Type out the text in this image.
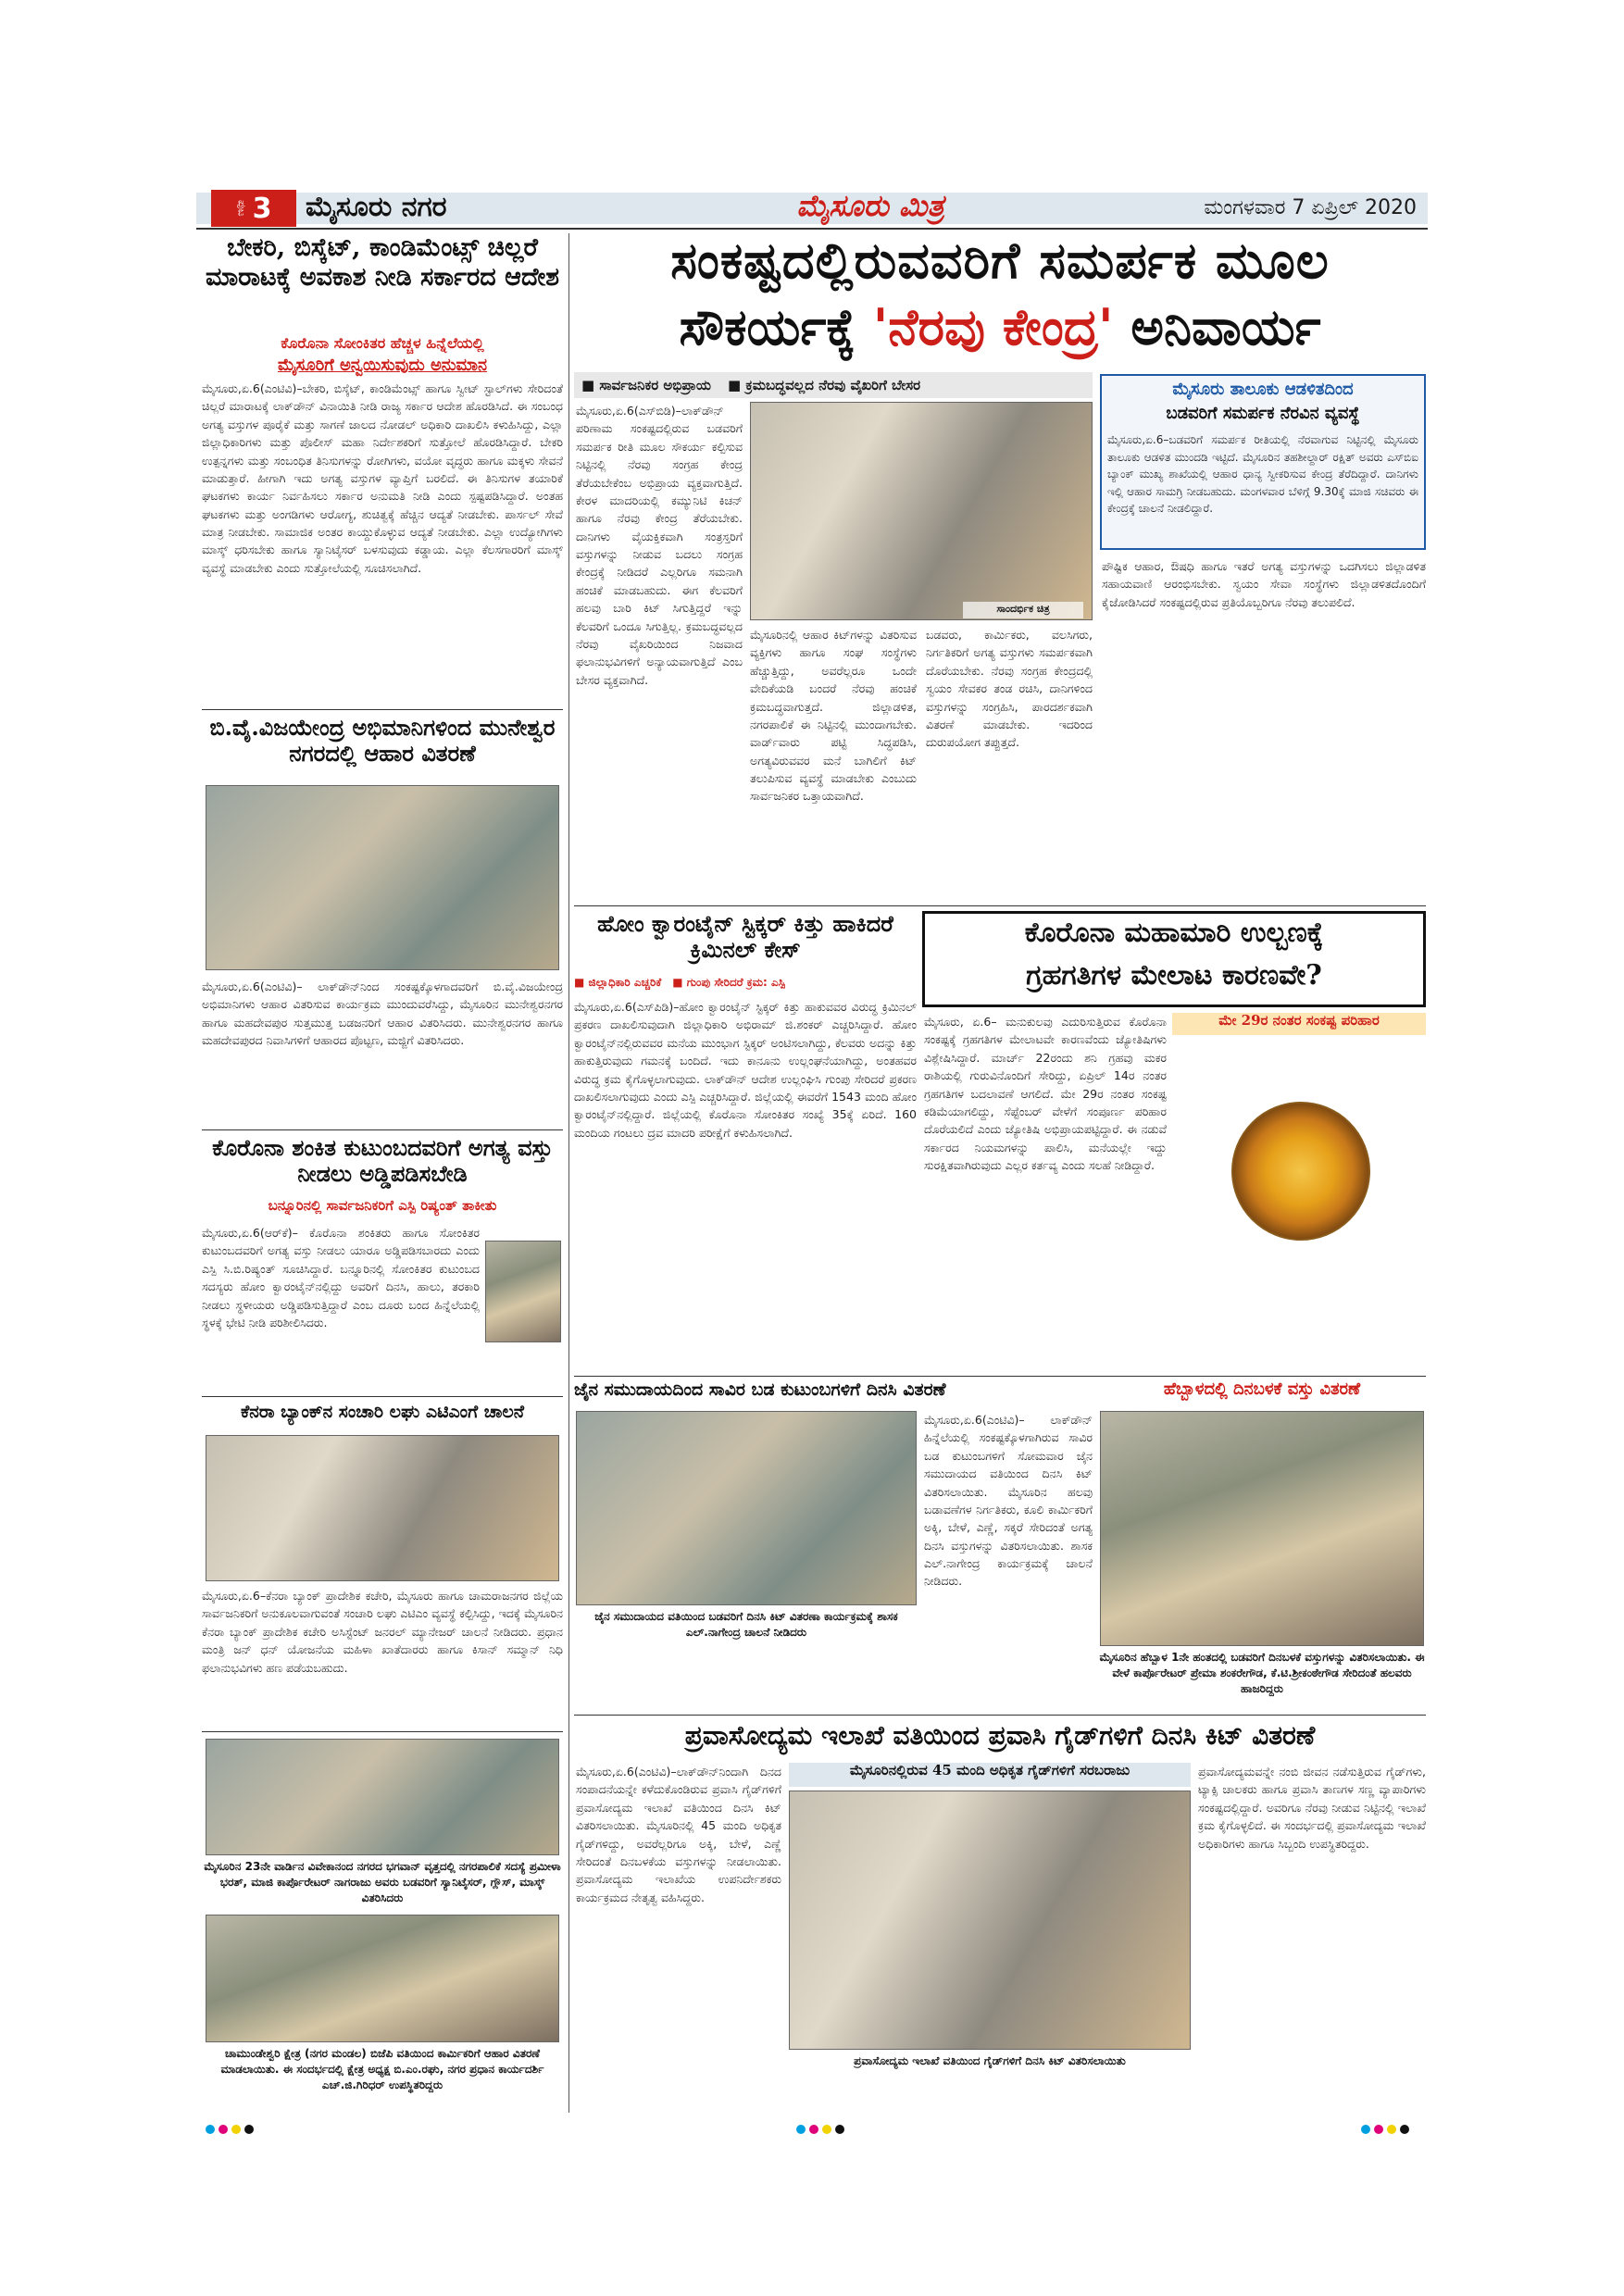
ಪುಟ 3 ಮೈಸೂರು ನಗರ	ಮೈಸೂರು ಮಿತ್ರ	ಮಂಗಳವಾರ 7 ಏಪ್ರಿಲ್ 2020
ಬೇಕರಿ, ಬಿಸ್ಕೆಟ್, ಕಾಂಡಿಮೆಂಟ್ಸ್ ಚಿಲ್ಲರೆ ಮಾರಾಟಕ್ಕೆ ಅವಕಾಶ ನೀಡಿ ಸರ್ಕಾರದ ಆದೇಶ
ಕೊರೊನಾ ಸೋಂಕಿತರ ಹೆಚ್ಚಳ ಹಿನ್ನೆಲೆಯಲ್ಲಿ
ಮೈಸೂರಿಗೆ ಅನ್ವಯಿಸುವುದು ಅನುಮಾನ
ಮೈಸೂರು,ಏ.6(ಎಂಟಿವಿ)–ಬೇಕರಿ, ಬಿಸ್ಕೆಟ್, ಕಾಂಡಿಮೆಂಟ್ಸ್ ಹಾಗೂ ಸ್ವೀಟ್ ಸ್ಟಾಲ್‌ಗಳು ಸೇರಿದಂತೆ ಚಿಲ್ಲರೆ ಮಾರಾಟಕ್ಕೆ ಲಾಕ್‌ಡೌನ್ ವಿನಾಯಿತಿ ನೀಡಿ ರಾಜ್ಯ ಸರ್ಕಾರ ಆದೇಶ ಹೊರಡಿಸಿದೆ. ಈ ಸಂಬಂಧ ಅಗತ್ಯ ವಸ್ತುಗಳ ಪೂರೈಕೆ ಮತ್ತು ಸಾಗಣೆ ಜಾಲದ ನೋಡಲ್ ಅಧಿಕಾರಿ ದಾಖಲಿಸಿ ಕಳುಹಿಸಿದ್ದು, ಎಲ್ಲಾ ಜಿಲ್ಲಾಧಿಕಾರಿಗಳು ಮತ್ತು ಪೊಲೀಸ್ ಮಹಾ ನಿರ್ದೇಶಕರಿಗೆ ಸುತ್ತೋಲೆ ಹೊರಡಿಸಿದ್ದಾರೆ. ಬೇಕರಿ ಉತ್ಪನ್ನಗಳು ಮತ್ತು ಸಂಬಂಧಿತ ತಿನಿಸುಗಳನ್ನು ರೋಗಿಗಳು, ವಯೋ ವೃದ್ಧರು ಹಾಗೂ ಮಕ್ಕಳು ಸೇವನೆ ಮಾಡುತ್ತಾರೆ. ಹೀಗಾಗಿ ಇದು ಅಗತ್ಯ ವಸ್ತುಗಳ ವ್ಯಾಪ್ತಿಗೆ ಬರಲಿದೆ. ಈ ತಿನಿಸುಗಳ ತಯಾರಿಕೆ ಘಟಕಗಳು ಕಾರ್ಯ ನಿರ್ವಹಿಸಲು ಸರ್ಕಾರ ಅನುಮತಿ ನೀಡಿ ಎಂದು ಸ್ಪಷ್ಟಪಡಿಸಿದ್ದಾರೆ. ಅಂತಹ ಘಟಕಗಳು ಮತ್ತು ಅಂಗಡಿಗಳು ಆರೋಗ್ಯ, ಶುಚಿತ್ವಕ್ಕೆ ಹೆಚ್ಚಿನ ಆದ್ಯತೆ ನೀಡಬೇಕು. ಪಾರ್ಸಲ್ ಸೇವೆ ಮಾತ್ರ ನೀಡಬೇಕು. ಸಾಮಾಜಿಕ ಅಂತರ ಕಾಯ್ದುಕೊಳ್ಳುವ ಆದ್ಯತೆ ನೀಡಬೇಕು. ಎಲ್ಲಾ ಉದ್ಯೋಗಿಗಳು ಮಾಸ್ಕ್ ಧರಿಸಬೇಕು ಹಾಗೂ ಸ್ಯಾನಿಟೈಸರ್ ಬಳಸುವುದು ಕಡ್ಡಾಯ. ಎಲ್ಲಾ ಕೆಲಸಗಾರರಿಗೆ ಮಾಸ್ಕ್ ವ್ಯವಸ್ಥೆ ಮಾಡಬೇಕು ಎಂದು ಸುತ್ತೋಲೆಯಲ್ಲಿ ಸೂಚಿಸಲಾಗಿದೆ.
ಬಿ.ವೈ.ವಿಜಯೇಂದ್ರ ಅಭಿಮಾನಿಗಳಿಂದ ಮುನೇಶ್ವರ ನಗರದಲ್ಲಿ ಆಹಾರ ವಿತರಣೆ
ಮೈಸೂರು,ಏ.6(ಎಂಟಿವಿ)– ಲಾಕ್‌ಡೌನ್‌ನಿಂದ ಸಂಕಷ್ಟಕ್ಕೊಳಗಾದವರಿಗೆ ಬಿ.ವೈ.ವಿಜಯೇಂದ್ರ ಅಭಿಮಾನಿಗಳು ಆಹಾರ ವಿತರಿಸುವ ಕಾರ್ಯಕ್ರಮ ಮುಂದುವರೆಸಿದ್ದು, ಮೈಸೂರಿನ ಮುನೇಶ್ವರನಗರ ಹಾಗೂ ಮಹದೇವಪುರ ಸುತ್ತಮುತ್ತ ಬಡಜನರಿಗೆ ಆಹಾರ ವಿತರಿಸಿದರು. ಮುನೇಶ್ವರನಗರ ಹಾಗೂ ಮಹದೇವಪುರದ ನಿವಾಸಿಗಳಿಗೆ ಆಹಾರದ ಪೊಟ್ಟಣ, ಮಜ್ಜಿಗೆ ವಿತರಿಸಿದರು.
ಕೊರೊನಾ ಶಂಕಿತ ಕುಟುಂಬದವರಿಗೆ ಅಗತ್ಯ ವಸ್ತು ನೀಡಲು ಅಡ್ಡಿಪಡಿಸಬೇಡಿ
ಬನ್ನೂರಿನಲ್ಲಿ ಸಾರ್ವಜನಿಕರಿಗೆ ಎಸ್ಪಿ ರಿಷ್ಯಂತ್ ತಾಕೀತು
ಮೈಸೂರು,ಏ.6(ಆರ್‌ಕೆ)– ಕೊರೊನಾ ಶಂಕಿತರು ಹಾಗೂ ಸೋಂಕಿತರ ಕುಟುಂಬದವರಿಗೆ ಅಗತ್ಯ ವಸ್ತು ನೀಡಲು ಯಾರೂ ಅಡ್ಡಿಪಡಿಸಬಾರದು ಎಂದು ಎಸ್ಪಿ ಸಿ.ಬಿ.ರಿಷ್ಯಂತ್ ಸೂಚಿಸಿದ್ದಾರೆ. ಬನ್ನೂರಿನಲ್ಲಿ ಸೋಂಕಿತರ ಕುಟುಂಬದ ಸದಸ್ಯರು ಹೋಂ ಕ್ವಾರಂಟೈನ್‌ನಲ್ಲಿದ್ದು ಅವರಿಗೆ ದಿನಸಿ, ಹಾಲು, ತರಕಾರಿ ನೀಡಲು ಸ್ಥಳೀಯರು ಅಡ್ಡಿಪಡಿಸುತ್ತಿದ್ದಾರೆ ಎಂಬ ದೂರು ಬಂದ ಹಿನ್ನೆಲೆಯಲ್ಲಿ ಸ್ಥಳಕ್ಕೆ ಭೇಟಿ ನೀಡಿ ಪರಿಶೀಲಿಸಿದರು.
ಕೆನರಾ ಬ್ಯಾಂಕ್‌ನ ಸಂಚಾರಿ ಲಘು ಎಟಿಎಂಗೆ ಚಾಲನೆ
ಮೈಸೂರು,ಏ.6–ಕೆನರಾ ಬ್ಯಾಂಕ್ ಪ್ರಾದೇಶಿಕ ಕಚೇರಿ, ಮೈಸೂರು ಹಾಗೂ ಚಾಮರಾಜನಗರ ಜಿಲ್ಲೆಯ ಸಾರ್ವಜನಿಕರಿಗೆ ಅನುಕೂಲವಾಗುವಂತೆ ಸಂಚಾರಿ ಲಘು ಎಟಿಎಂ ವ್ಯವಸ್ಥೆ ಕಲ್ಪಿಸಿದ್ದು, ಇದಕ್ಕೆ ಮೈಸೂರಿನ ಕೆನರಾ ಬ್ಯಾಂಕ್ ಪ್ರಾದೇಶಿಕ ಕಚೇರಿ ಅಸಿಸ್ಟೆಂಟ್ ಜನರಲ್ ಮ್ಯಾನೇಜರ್ ಚಾಲನೆ ನೀಡಿದರು. ಪ್ರಧಾನ ಮಂತ್ರಿ ಜನ್ ಧನ್ ಯೋಜನೆಯ ಮಹಿಳಾ ಖಾತೆದಾರರು ಹಾಗೂ ಕಿಸಾನ್ ಸಮ್ಮಾನ್ ನಿಧಿ ಫಲಾನುಭವಿಗಳು ಹಣ ಪಡೆಯಬಹುದು.
ಮೈಸೂರಿನ 23ನೇ ವಾರ್ಡಿನ ವಿವೇಕಾನಂದ ನಗರದ ಭಗವಾನ್ ವೃತ್ತದಲ್ಲಿ ನಗರಪಾಲಿಕೆ ಸದಸ್ಯೆ ಪ್ರಮೀಳಾ ಭರತ್, ಮಾಜಿ ಕಾರ್ಪೊರೇಟರ್ ನಾಗರಾಜು ಅವರು ಬಡವರಿಗೆ ಸ್ಯಾನಿಟೈಸರ್, ಗ್ಲೌಸ್, ಮಾಸ್ಕ್ ವಿತರಿಸಿದರು
ಚಾಮುಂಡೇಶ್ವರಿ ಕ್ಷೇತ್ರ (ನಗರ ಮಂಡಲ) ಬಿಜೆಪಿ ವತಿಯಿಂದ ಕಾರ್ಮಿಕರಿಗೆ ಆಹಾರ ವಿತರಣೆ ಮಾಡಲಾಯಿತು. ಈ ಸಂದರ್ಭದಲ್ಲಿ ಕ್ಷೇತ್ರ ಅಧ್ಯಕ್ಷ ಬಿ.ಎಂ.ರಘು, ನಗರ ಪ್ರಧಾನ ಕಾರ್ಯದರ್ಶಿ ಎಚ್.ಜಿ.ಗಿರಿಧರ್ ಉಪಸ್ಥಿತರಿದ್ದರು
ಸಂಕಷ್ಟದಲ್ಲಿರುವವರಿಗೆ ಸಮರ್ಪಕ ಮೂಲ
ಸೌಕರ್ಯಕ್ಕೆ 'ನೆರವು ಕೇಂದ್ರ' ಅನಿವಾರ್ಯ
■ ಸಾರ್ವಜನಿಕರ ಅಭಿಪ್ರಾಯ ■ ಕ್ರಮಬದ್ಧವಲ್ಲದ ನೆರವು ವೈಖರಿಗೆ ಬೇಸರ
ಮೈಸೂರು,ಏ.6(ಎಸ್‌ಬಿಡಿ)–ಲಾಕ್‌ಡೌನ್ ಪರಿಣಾಮ ಸಂಕಷ್ಟದಲ್ಲಿರುವ ಬಡವರಿಗೆ ಸಮರ್ಪಕ ರೀತಿ ಮೂಲ ಸೌಕರ್ಯ ಕಲ್ಪಿಸುವ ನಿಟ್ಟಿನಲ್ಲಿ ನೆರವು ಸಂಗ್ರಹ ಕೇಂದ್ರ ತೆರೆಯಬೇಕೆಂಬ ಅಭಿಪ್ರಾಯ ವ್ಯಕ್ತವಾಗುತ್ತಿದೆ. ಕೇರಳ ಮಾದರಿಯಲ್ಲಿ ಕಮ್ಯುನಿಟಿ ಕಿಚನ್ ಹಾಗೂ ನೆರವು ಕೇಂದ್ರ ತೆರೆಯಬೇಕು. ದಾನಿಗಳು ವೈಯಕ್ತಿಕವಾಗಿ ಸಂತ್ರಸ್ತರಿಗೆ ವಸ್ತುಗಳನ್ನು ನೀಡುವ ಬದಲು ಸಂಗ್ರಹ ಕೇಂದ್ರಕ್ಕೆ ನೀಡಿದರೆ ಎಲ್ಲರಿಗೂ ಸಮನಾಗಿ ಹಂಚಿಕೆ ಮಾಡಬಹುದು. ಈಗ ಕೆಲವರಿಗೆ ಹಲವು ಬಾರಿ ಕಿಟ್ ಸಿಗುತ್ತಿದ್ದರೆ ಇನ್ನು ಕೆಲವರಿಗೆ ಒಂದೂ ಸಿಗುತ್ತಿಲ್ಲ. ಕ್ರಮಬದ್ಧವಲ್ಲದ ನೆರವು ವೈಖರಿಯಿಂದ ನಿಜವಾದ ಫಲಾನುಭವಿಗಳಿಗೆ ಅನ್ಯಾಯವಾಗುತ್ತಿದೆ ಎಂಬ ಬೇಸರ ವ್ಯಕ್ತವಾಗಿದೆ.
ಸಾಂದರ್ಭಿಕ ಚಿತ್ರ
ಮೈಸೂರಿನಲ್ಲಿ ಆಹಾರ ಕಿಟ್‌ಗಳನ್ನು ವಿತರಿಸುವ ವ್ಯಕ್ತಿಗಳು ಹಾಗೂ ಸಂಘ ಸಂಸ್ಥೆಗಳು ಹೆಚ್ಚುತ್ತಿದ್ದು, ಅವರೆಲ್ಲರೂ ಒಂದೇ ವೇದಿಕೆಯಡಿ ಬಂದರೆ ನೆರವು ಹಂಚಿಕೆ ಕ್ರಮಬದ್ಧವಾಗುತ್ತದೆ. ಜಿಲ್ಲಾಡಳಿತ, ನಗರಪಾಲಿಕೆ ಈ ನಿಟ್ಟಿನಲ್ಲಿ ಮುಂದಾಗಬೇಕು. ವಾರ್ಡ್‌ವಾರು ಪಟ್ಟಿ ಸಿದ್ಧಪಡಿಸಿ, ಅಗತ್ಯವಿರುವವರ ಮನೆ ಬಾಗಿಲಿಗೆ ಕಿಟ್ ತಲುಪಿಸುವ ವ್ಯವಸ್ಥೆ ಮಾಡಬೇಕು ಎಂಬುದು ಸಾರ್ವಜನಿಕರ ಒತ್ತಾಯವಾಗಿದೆ.
ಬಡವರು, ಕಾರ್ಮಿಕರು, ವಲಸಿಗರು, ನಿರ್ಗತಿಕರಿಗೆ ಅಗತ್ಯ ವಸ್ತುಗಳು ಸಮರ್ಪಕವಾಗಿ ದೊರೆಯಬೇಕು. ನೆರವು ಸಂಗ್ರಹ ಕೇಂದ್ರದಲ್ಲಿ ಸ್ವಯಂ ಸೇವಕರ ತಂಡ ರಚಿಸಿ, ದಾನಿಗಳಿಂದ ವಸ್ತುಗಳನ್ನು ಸಂಗ್ರಹಿಸಿ, ಪಾರದರ್ಶಕವಾಗಿ ವಿತರಣೆ ಮಾಡಬೇಕು. ಇದರಿಂದ ದುರುಪಯೋಗ ತಪ್ಪುತ್ತದೆ.
ಮೈಸೂರು ತಾಲೂಕು ಆಡಳಿತದಿಂದ
ಬಡವರಿಗೆ ಸಮರ್ಪಕ ನೆರವಿನ ವ್ಯವಸ್ಥೆ
ಮೈಸೂರು,ಏ.6–ಬಡವರಿಗೆ ಸಮರ್ಪಕ ರೀತಿಯಲ್ಲಿ ನೆರವಾಗುವ ನಿಟ್ಟಿನಲ್ಲಿ ಮೈಸೂರು ತಾಲೂಕು ಆಡಳಿತ ಮುಂದಡಿ ಇಟ್ಟಿದೆ. ಮೈಸೂರಿನ ತಹಶೀಲ್ದಾರ್ ರಕ್ಷಿತ್ ಅವರು ಎಸ್‌ಬಿಐ ಬ್ಯಾಂಕ್ ಮುಖ್ಯ ಶಾಖೆಯಲ್ಲಿ ಆಹಾರ ಧಾನ್ಯ ಸ್ವೀಕರಿಸುವ ಕೇಂದ್ರ ತೆರೆದಿದ್ದಾರೆ. ದಾನಿಗಳು ಇಲ್ಲಿ ಆಹಾರ ಸಾಮಗ್ರಿ ನೀಡಬಹುದು. ಮಂಗಳವಾರ ಬೆಳಿಗ್ಗೆ 9.30ಕ್ಕೆ ಮಾಜಿ ಸಚಿವರು ಈ ಕೇಂದ್ರಕ್ಕೆ ಚಾಲನೆ ನೀಡಲಿದ್ದಾರೆ.
ಪೌಷ್ಟಿಕ ಆಹಾರ, ಔಷಧಿ ಹಾಗೂ ಇತರೆ ಅಗತ್ಯ ವಸ್ತುಗಳನ್ನು ಒದಗಿಸಲು ಜಿಲ್ಲಾಡಳಿತ ಸಹಾಯವಾಣಿ ಆರಂಭಿಸಬೇಕು. ಸ್ವಯಂ ಸೇವಾ ಸಂಸ್ಥೆಗಳು ಜಿಲ್ಲಾಡಳಿತದೊಂದಿಗೆ ಕೈಜೋಡಿಸಿದರೆ ಸಂಕಷ್ಟದಲ್ಲಿರುವ ಪ್ರತಿಯೊಬ್ಬರಿಗೂ ನೆರವು ತಲುಪಲಿದೆ.
ಹೋಂ ಕ್ವಾರಂಟೈನ್ ಸ್ಟಿಕ್ಕರ್ ಕಿತ್ತು ಹಾಕಿದರೆ ಕ್ರಿಮಿನಲ್ ಕೇಸ್
■ ಜಿಲ್ಲಾಧಿಕಾರಿ ಎಚ್ಚರಿಕೆ ■ ಗುಂಪು ಸೇರಿದರೆ ಕ್ರಮ: ಎಸ್ಪಿ
ಮೈಸೂರು,ಏ.6(ಎಸ್‌ಪಿಡಿ)–ಹೋಂ ಕ್ವಾರಂಟೈನ್ ಸ್ಟಿಕ್ಕರ್ ಕಿತ್ತು ಹಾಕುವವರ ವಿರುದ್ಧ ಕ್ರಿಮಿನಲ್ ಪ್ರಕರಣ ದಾಖಲಿಸುವುದಾಗಿ ಜಿಲ್ಲಾಧಿಕಾರಿ ಅಭಿರಾಮ್ ಜಿ.ಶಂಕರ್ ಎಚ್ಚರಿಸಿದ್ದಾರೆ. ಹೋಂ ಕ್ವಾರಂಟೈನ್‌ನಲ್ಲಿರುವವರ ಮನೆಯ ಮುಂಭಾಗ ಸ್ಟಿಕ್ಕರ್ ಅಂಟಿಸಲಾಗಿದ್ದು, ಕೆಲವರು ಅದನ್ನು ಕಿತ್ತು ಹಾಕುತ್ತಿರುವುದು ಗಮನಕ್ಕೆ ಬಂದಿದೆ. ಇದು ಕಾನೂನು ಉಲ್ಲಂಘನೆಯಾಗಿದ್ದು, ಅಂತಹವರ ವಿರುದ್ಧ ಕ್ರಮ ಕೈಗೊಳ್ಳಲಾಗುವುದು. ಲಾಕ್‌ಡೌನ್ ಆದೇಶ ಉಲ್ಲಂಘಿಸಿ ಗುಂಪು ಸೇರಿದರೆ ಪ್ರಕರಣ ದಾಖಲಿಸಲಾಗುವುದು ಎಂದು ಎಸ್ಪಿ ಎಚ್ಚರಿಸಿದ್ದಾರೆ. ಜಿಲ್ಲೆಯಲ್ಲಿ ಈವರೆಗೆ 1543 ಮಂದಿ ಹೋಂ ಕ್ವಾರಂಟೈನ್‌ನಲ್ಲಿದ್ದಾರೆ. ಜಿಲ್ಲೆಯಲ್ಲಿ ಕೊರೊನಾ ಸೋಂಕಿತರ ಸಂಖ್ಯೆ 35ಕ್ಕೆ ಏರಿದೆ. 160 ಮಂದಿಯ ಗಂಟಲು ದ್ರವ ಮಾದರಿ ಪರೀಕ್ಷೆಗೆ ಕಳುಹಿಸಲಾಗಿದೆ.
ಕೊರೊನಾ ಮಹಾಮಾರಿ ಉಲ್ಬಣಕ್ಕೆ
ಗ್ರಹಗತಿಗಳ ಮೇಲಾಟ ಕಾರಣವೇ?
ಮೈಸೂರು, ಏ.6– ಮನುಕುಲವು ಎದುರಿಸುತ್ತಿರುವ ಕೊರೊನಾ ಸಂಕಷ್ಟಕ್ಕೆ ಗ್ರಹಗತಿಗಳ ಮೇಲಾಟವೇ ಕಾರಣವೆಂದು ಜ್ಯೋತಿಷಿಗಳು ವಿಶ್ಲೇಷಿಸಿದ್ದಾರೆ. ಮಾರ್ಚ್ 22ರಂದು ಶನಿ ಗ್ರಹವು ಮಕರ ರಾಶಿಯಲ್ಲಿ ಗುರುವಿನೊಂದಿಗೆ ಸೇರಿದ್ದು, ಏಪ್ರಿಲ್ 14ರ ನಂತರ ಗ್ರಹಗತಿಗಳ ಬದಲಾವಣೆ ಆಗಲಿದೆ. ಮೇ 29ರ ನಂತರ ಸಂಕಷ್ಟ ಕಡಿಮೆಯಾಗಲಿದ್ದು, ಸೆಪ್ಟೆಂಬರ್ ವೇಳೆಗೆ ಸಂಪೂರ್ಣ ಪರಿಹಾರ ದೊರೆಯಲಿದೆ ಎಂದು ಜ್ಯೋತಿಷಿ ಅಭಿಪ್ರಾಯಪಟ್ಟಿದ್ದಾರೆ. ಈ ನಡುವೆ ಸರ್ಕಾರದ ನಿಯಮಗಳನ್ನು ಪಾಲಿಸಿ, ಮನೆಯಲ್ಲೇ ಇದ್ದು ಸುರಕ್ಷಿತವಾಗಿರುವುದು ಎಲ್ಲರ ಕರ್ತವ್ಯ ಎಂದು ಸಲಹೆ ನೀಡಿದ್ದಾರೆ.
ಮೇ 29ರ ನಂತರ ಸಂಕಷ್ಟ ಪರಿಹಾರ
ಜೈನ ಸಮುದಾಯದಿಂದ ಸಾವಿರ ಬಡ ಕುಟುಂಬಗಳಿಗೆ ದಿನಸಿ ವಿತರಣೆ
ಜೈನ ಸಮುದಾಯದ ವತಿಯಿಂದ ಬಡವರಿಗೆ ದಿನಸಿ ಕಿಟ್ ವಿತರಣಾ ಕಾರ್ಯಕ್ರಮಕ್ಕೆ ಶಾಸಕ ಎಲ್.ನಾಗೇಂದ್ರ ಚಾಲನೆ ನೀಡಿದರು
ಮೈಸೂರು,ಏ.6(ಎಂಟಿವಿ)– ಲಾಕ್‌ಡೌನ್ ಹಿನ್ನೆಲೆಯಲ್ಲಿ ಸಂಕಷ್ಟಕ್ಕೊಳಗಾಗಿರುವ ಸಾವಿರ ಬಡ ಕುಟುಂಬಗಳಿಗೆ ಸೋಮವಾರ ಜೈನ ಸಮುದಾಯದ ವತಿಯಿಂದ ದಿನಸಿ ಕಿಟ್ ವಿತರಿಸಲಾಯಿತು. ಮೈಸೂರಿನ ಹಲವು ಬಡಾವಣೆಗಳ ನಿರ್ಗತಿಕರು, ಕೂಲಿ ಕಾರ್ಮಿಕರಿಗೆ ಅಕ್ಕಿ, ಬೇಳೆ, ಎಣ್ಣೆ, ಸಕ್ಕರೆ ಸೇರಿದಂತೆ ಅಗತ್ಯ ದಿನಸಿ ವಸ್ತುಗಳನ್ನು ವಿತರಿಸಲಾಯಿತು. ಶಾಸಕ ಎಲ್.ನಾಗೇಂದ್ರ ಕಾರ್ಯಕ್ರಮಕ್ಕೆ ಚಾಲನೆ ನೀಡಿದರು.
ಹೆಬ್ಬಾಳದಲ್ಲಿ ದಿನಬಳಕೆ ವಸ್ತು ವಿತರಣೆ
ಮೈಸೂರಿನ ಹೆಬ್ಬಾಳ 1ನೇ ಹಂತದಲ್ಲಿ ಬಡವರಿಗೆ ದಿನಬಳಕೆ ವಸ್ತುಗಳನ್ನು ವಿತರಿಸಲಾಯಿತು. ಈ ವೇಳೆ ಕಾರ್ಪೊರೇಟರ್ ಪ್ರೇಮಾ ಶಂಕರೇಗೌಡ, ಕೆ.ಟಿ.ಶ್ರೀಕಂಠೇಗೌಡ ಸೇರಿದಂತೆ ಹಲವರು ಹಾಜರಿದ್ದರು
ಪ್ರವಾಸೋದ್ಯಮ ಇಲಾಖೆ ವತಿಯಿಂದ ಪ್ರವಾಸಿ ಗೈಡ್‌ಗಳಿಗೆ ದಿನಸಿ ಕಿಟ್ ವಿತರಣೆ
ಮೈಸೂರು,ಏ.6(ಎಂಟಿವಿ)–ಲಾಕ್‌ಡೌನ್‌ನಿಂದಾಗಿ ದಿನದ ಸಂಪಾದನೆಯನ್ನೇ ಕಳೆದುಕೊಂಡಿರುವ ಪ್ರವಾಸಿ ಗೈಡ್‌ಗಳಿಗೆ ಪ್ರವಾಸೋದ್ಯಮ ಇಲಾಖೆ ವತಿಯಿಂದ ದಿನಸಿ ಕಿಟ್ ವಿತರಿಸಲಾಯಿತು. ಮೈಸೂರಿನಲ್ಲಿ 45 ಮಂದಿ ಅಧಿಕೃತ ಗೈಡ್‌ಗಳಿದ್ದು, ಅವರೆಲ್ಲರಿಗೂ ಅಕ್ಕಿ, ಬೇಳೆ, ಎಣ್ಣೆ ಸೇರಿದಂತೆ ದಿನಬಳಕೆಯ ವಸ್ತುಗಳನ್ನು ನೀಡಲಾಯಿತು. ಪ್ರವಾಸೋದ್ಯಮ ಇಲಾಖೆಯ ಉಪನಿರ್ದೇಶಕರು ಕಾರ್ಯಕ್ರಮದ ನೇತೃತ್ವ ವಹಿಸಿದ್ದರು.
ಮೈಸೂರಿನಲ್ಲಿರುವ 45 ಮಂದಿ ಅಧಿಕೃತ ಗೈಡ್‌ಗಳಿಗೆ ಸರಬರಾಜು
ಪ್ರವಾಸೋದ್ಯಮ ಇಲಾಖೆ ವತಿಯಿಂದ ಗೈಡ್‌ಗಳಿಗೆ ದಿನಸಿ ಕಿಟ್ ವಿತರಿಸಲಾಯಿತು
ಪ್ರವಾಸೋದ್ಯಮವನ್ನೇ ನಂಬಿ ಜೀವನ ನಡೆಸುತ್ತಿರುವ ಗೈಡ್‌ಗಳು, ಟ್ಯಾಕ್ಸಿ ಚಾಲಕರು ಹಾಗೂ ಪ್ರವಾಸಿ ತಾಣಗಳ ಸಣ್ಣ ವ್ಯಾಪಾರಿಗಳು ಸಂಕಷ್ಟದಲ್ಲಿದ್ದಾರೆ. ಅವರಿಗೂ ನೆರವು ನೀಡುವ ನಿಟ್ಟಿನಲ್ಲಿ ಇಲಾಖೆ ಕ್ರಮ ಕೈಗೊಳ್ಳಲಿದೆ. ಈ ಸಂದರ್ಭದಲ್ಲಿ ಪ್ರವಾಸೋದ್ಯಮ ಇಲಾಖೆ ಅಧಿಕಾರಿಗಳು ಹಾಗೂ ಸಿಬ್ಬಂದಿ ಉಪಸ್ಥಿತರಿದ್ದರು.
